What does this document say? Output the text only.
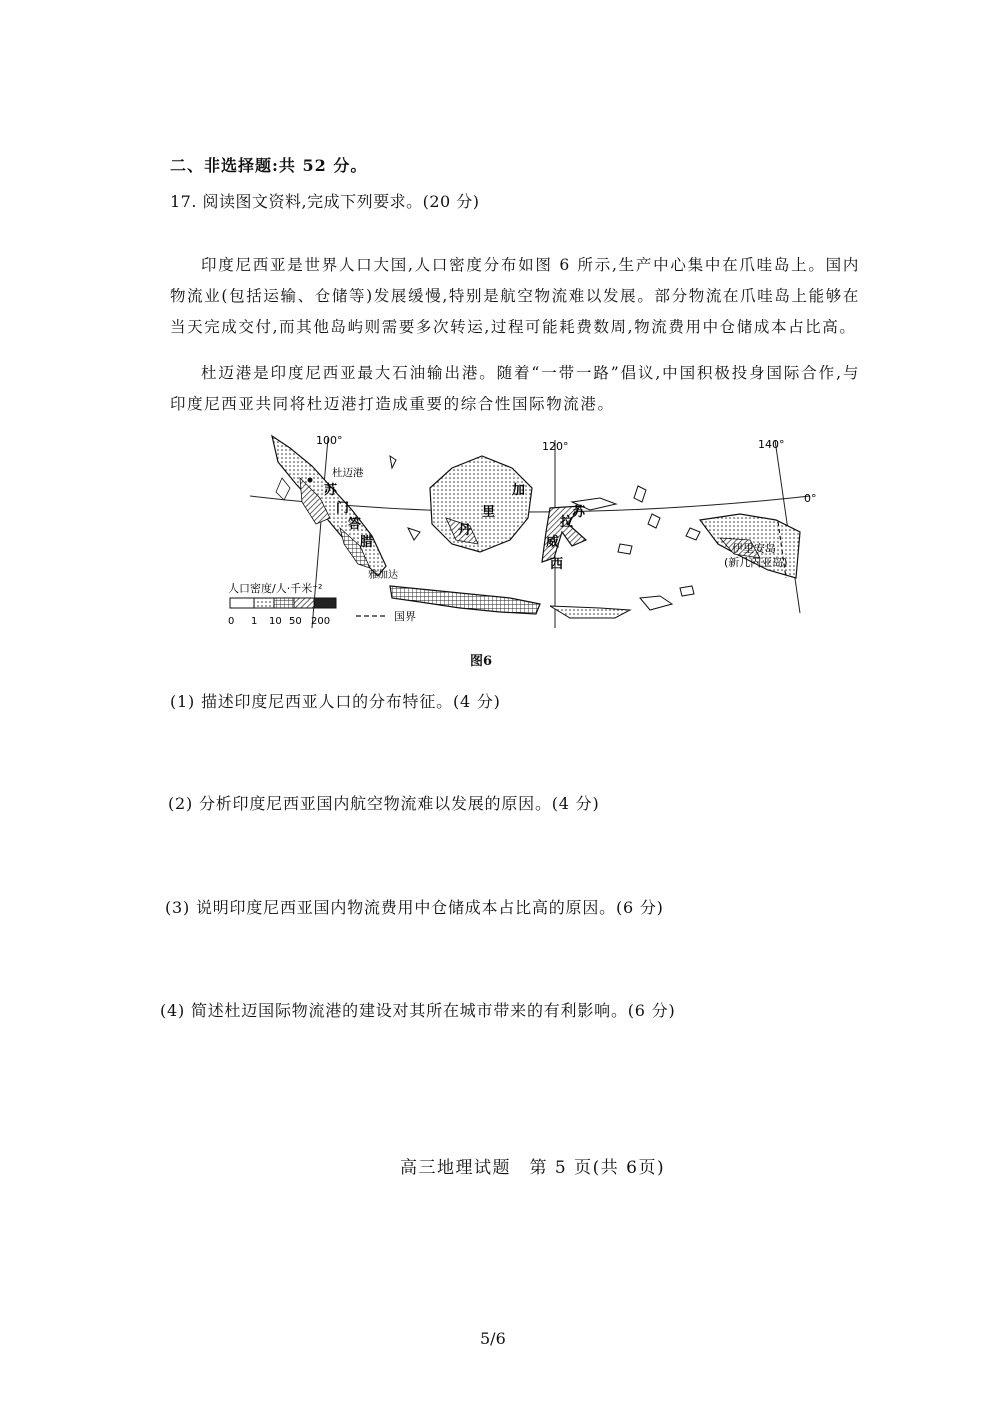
二、非选择题:共 52 分。
17. 阅读图文资料,完成下列要求。(20 分)

印度尼西亚是世界人口大国,人口密度分布如图 6 所示,生产中心集中在爪哇岛上。国内物流业(包括运输、仓储等)发展缓慢,特别是航空物流难以发展。部分物流在爪哇岛上能够在当天完成交付,而其他岛屿则需要多次转运,过程可能耗费数周,物流费用中仓储成本占比高。

杜迈港是印度尼西亚最大石油输出港。随着“一带一路”倡议,中国积极投身国际合作,与印度尼西亚共同将杜迈港打造成重要的综合性国际物流港。

100°	120°	140°
0°
杜迈港
雅加达
伊里安岛
(新几内亚岛)
加
里
丹
苏
门
答
腊
苏
拉
威
西
人口密度/人·千米⁻²
0 1 10 50 200	国界
图6
(1) 描述印度尼西亚人口的分布特征。(4 分)
(2) 分析印度尼西亚国内航空物流难以发展的原因。(4 分)
(3) 说明印度尼西亚国内物流费用中仓储成本占比高的原因。(6 分)
(4) 简述杜迈国际物流港的建设对其所在城市带来的有利影响。(6 分)
高三地理试题　第 5 页(共 6页)
5/6
